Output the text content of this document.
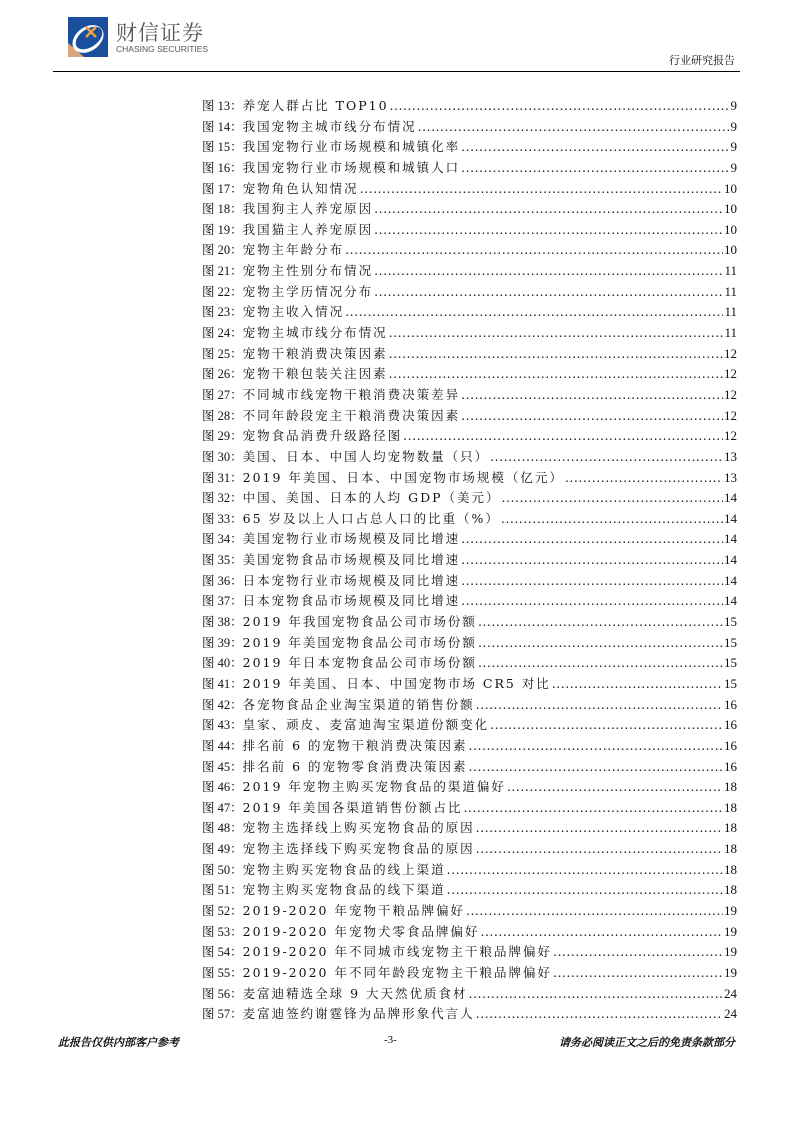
财信证券
CHASING SECURITIES
行业研究报告
图 13： 养宠人群占比 TOP10 .....	9
图 14： 我国宠物主城市线分布情况 .....	9
图 15： 我国宠物行业市场规模和城镇化率 .....	9
图 16： 我国宠物行业市场规模和城镇人口 .....	9
图 17： 宠物角色认知情况 .....	10
图 18： 我国狗主人养宠原因 .....	10
图 19： 我国猫主人养宠原因 .....	10
图 20： 宠物主年龄分布 .....	10
图 21： 宠物主性别分布情况 .....	11
图 22： 宠物主学历情况分布 .....	11
图 23： 宠物主收入情况 .....	11
图 24： 宠物主城市线分布情况 .....	11
图 25： 宠物干粮消费决策因素 .....	12
图 26： 宠物干粮包装关注因素 .....	12
图 27： 不同城市线宠物干粮消费决策差异 .....	12
图 28： 不同年龄段宠主干粮消费决策因素 .....	12
图 29： 宠物食品消费升级路径图 .....	12
图 30： 美国、日本、中国人均宠物数量（只） .....	13
图 31： 2019 年美国、日本、中国宠物市场规模（亿元） .....	13
图 32： 中国、美国、日本的人均 GDP（美元） .....	14
图 33： 65 岁及以上人口占总人口的比重（%） .....	14
图 34： 美国宠物行业市场规模及同比增速 .....	14
图 35： 美国宠物食品市场规模及同比增速 .....	14
图 36： 日本宠物行业市场规模及同比增速 .....	14
图 37： 日本宠物食品市场规模及同比增速 .....	14
图 38： 2019 年我国宠物食品公司市场份额 .....	15
图 39： 2019 年美国宠物食品公司市场份额 .....	15
图 40： 2019 年日本宠物食品公司市场份额 .....	15
图 41： 2019 年美国、日本、中国宠物市场 CR5 对比 .....	15
图 42： 各宠物食品企业淘宝渠道的销售份额 .....	16
图 43： 皇家、顽皮、麦富迪淘宝渠道份额变化 .....	16
图 44： 排名前 6 的宠物干粮消费决策因素 .....	16
图 45： 排名前 6 的宠物零食消费决策因素 .....	16
图 46： 2019 年宠物主购买宠物食品的渠道偏好 .....	18
图 47： 2019 年美国各渠道销售份额占比 .....	18
图 48： 宠物主选择线上购买宠物食品的原因 .....	18
图 49： 宠物主选择线下购买宠物食品的原因 .....	18
图 50： 宠物主购买宠物食品的线上渠道 .....	18
图 51： 宠物主购买宠物食品的线下渠道 .....	18
图 52： 2019-2020 年宠物干粮品牌偏好 .....	19
图 53： 2019-2020 年宠物犬零食品牌偏好 .....	19
图 54： 2019-2020 年不同城市线宠物主干粮品牌偏好 .....	19
图 55： 2019-2020 年不同年龄段宠物主干粮品牌偏好 .....	19
图 56： 麦富迪精选全球 9 大天然优质食材 .....	24
图 57： 麦富迪签约谢霆锋为品牌形象代言人 .....	24
此报告仅供内部客户参考	-3-	请务必阅读正文之后的免责条款部分
